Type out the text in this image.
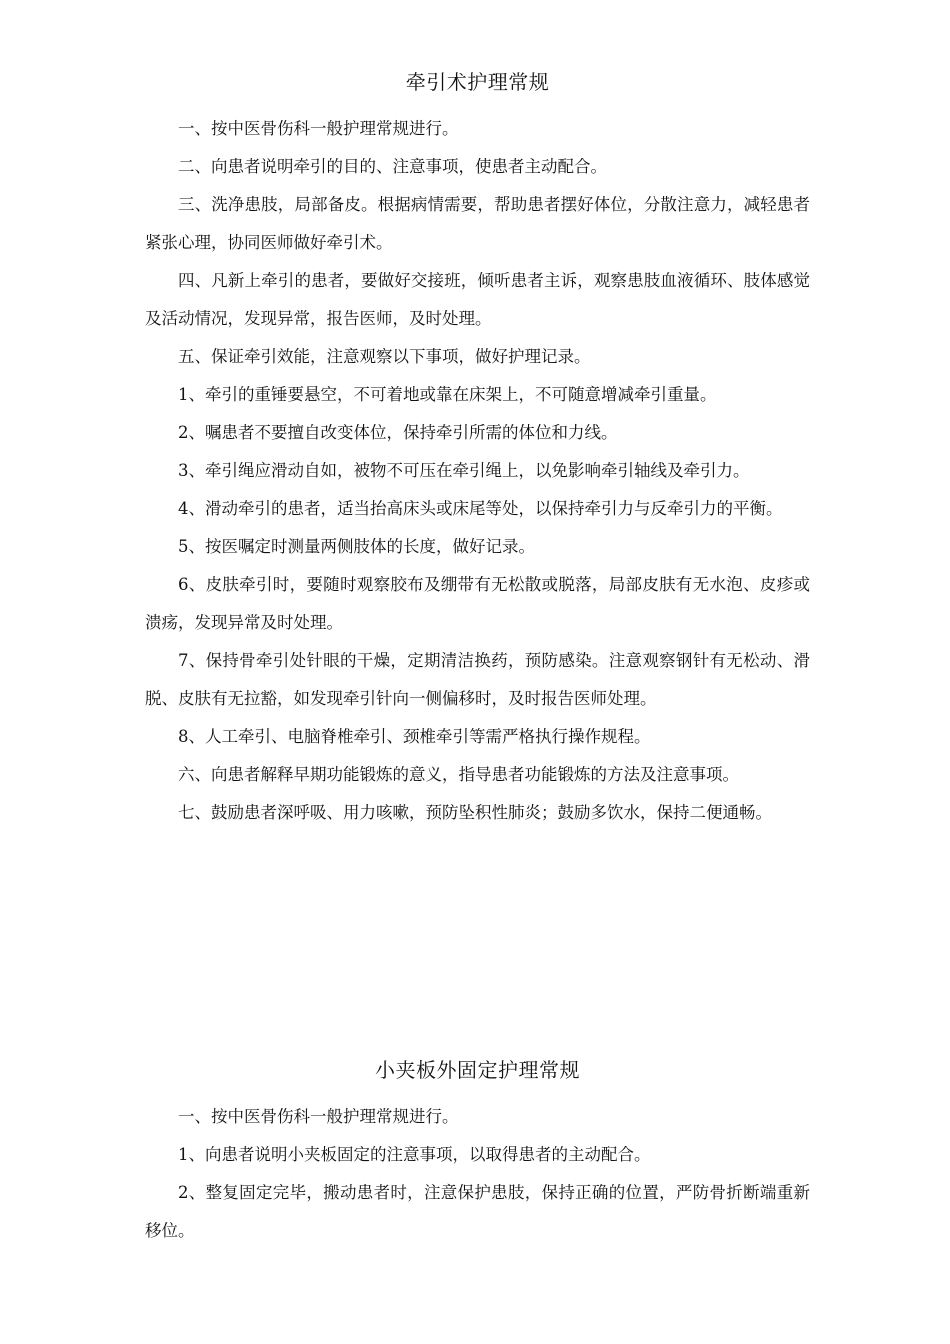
牵引术护理常规

一、按中医骨伤科一般护理常规进行。

二、向患者说明牵引的目的、注意事项，使患者主动配合。

三、洗净患肢，局部备皮。根据病情需要，帮助患者摆好体位，分散注意力，减轻患者紧张心理，协同医师做好牵引术。

四、凡新上牵引的患者，要做好交接班，倾听患者主诉，观察患肢血液循环、肢体感觉及活动情况，发现异常，报告医师，及时处理。

五、保证牵引效能，注意观察以下事项，做好护理记录。

1、牵引的重锤要悬空，不可着地或靠在床架上，不可随意增减牵引重量。

2、嘱患者不要擅自改变体位，保持牵引所需的体位和力线。

3、牵引绳应滑动自如，被物不可压在牵引绳上，以免影响牵引轴线及牵引力。

4、滑动牵引的患者，适当抬高床头或床尾等处，以保持牵引力与反牵引力的平衡。

5、按医嘱定时测量两侧肢体的长度，做好记录。

6、皮肤牵引时，要随时观察胶布及绷带有无松散或脱落，局部皮肤有无水泡、皮疹或溃疡，发现异常及时处理。

7、保持骨牵引处针眼的干燥，定期清洁换药，预防感染。注意观察钢针有无松动、滑脱、皮肤有无拉豁，如发现牵引针向一侧偏移时，及时报告医师处理。

8、人工牵引、电脑脊椎牵引、颈椎牵引等需严格执行操作规程。

六、向患者解释早期功能锻炼的意义，指导患者功能锻炼的方法及注意事项。

七、鼓励患者深呼吸、用力咳嗽，预防坠积性肺炎；鼓励多饮水，保持二便通畅。

小夹板外固定护理常规

一、按中医骨伤科一般护理常规进行。

1、向患者说明小夹板固定的注意事项，以取得患者的主动配合。

2、整复固定完毕，搬动患者时，注意保护患肢，保持正确的位置，严防骨折断端重新移位。
